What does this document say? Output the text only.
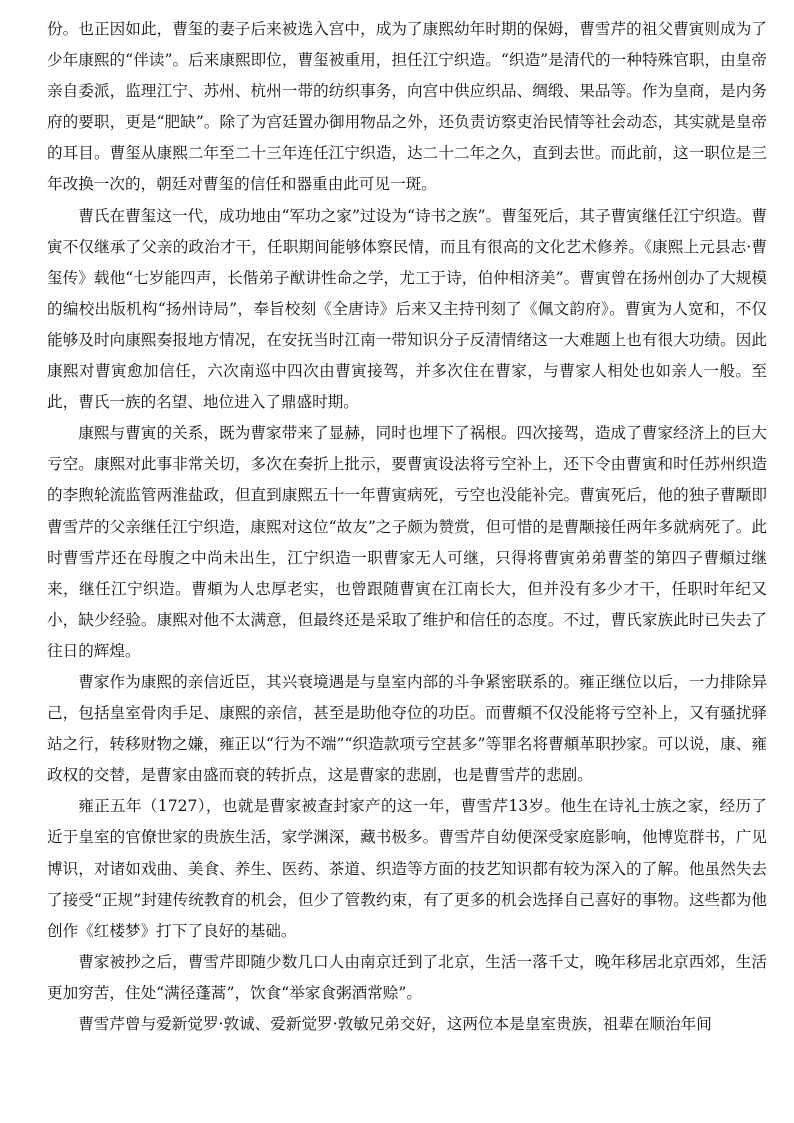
份。也正因如此，曹玺的妻子后来被选入宫中，成为了康熙幼年时期的保姆，曹雪芹的祖父曹寅则成为了少年康熙的“伴读”。后来康熙即位，曹玺被重用，担任江宁织造。“织造”是清代的一种特殊官职，由皇帝亲自委派，监理江宁、苏州、杭州一带的纺织事务，向宫中供应织品、绸缎、果品等。作为皇商，是内务府的要职，更是“肥缺”。除了为宫廷置办御用物品之外，还负责访察吏治民情等社会动态，其实就是皇帝的耳目。曹玺从康熙二年至二十三年连任江宁织造，达二十二年之久，直到去世。而此前，这一职位是三年改换一次的，朝廷对曹玺的信任和器重由此可见一斑。

曹氏在曹玺这一代，成功地由“军功之家”过设为“诗书之族”。曹玺死后，其子曹寅继任江宁织造。曹寅不仅继承了父亲的政治才干，任职期间能够体察民情，而且有很高的文化艺术修养。《康熙上元县志·曹玺传》载他“七岁能四声，长偕弟子猷讲性命之学，尤工于诗，伯仲相济美”。曹寅曾在扬州创办了大规模的编校出版机构“扬州诗局”，奉旨校刻《全唐诗》后来又主持刊刻了《佩文韵府》。曹寅为人宽和，不仅能够及时向康熙奏报地方情况，在安抚当时江南一带知识分子反清情绪这一大难题上也有很大功绩。因此康熙对曹寅愈加信任，六次南巡中四次由曹寅接驾，并多次住在曹家，与曹家人相处也如亲人一般。至此，曹氏一族的名望、地位进入了鼎盛时期。

康熙与曹寅的关系，既为曹家带来了显赫，同时也埋下了祸根。四次接驾，造成了曹家经济上的巨大亏空。康熙对此事非常关切，多次在奏折上批示，要曹寅设法将亏空补上，还下令由曹寅和时任苏州织造的李煦轮流监管两淮盐政，但直到康熙五十一年曹寅病死，亏空也没能补完。曹寅死后，他的独子曹颙即曹雪芹的父亲继任江宁织造，康熙对这位“故友”之子颇为赞赏，但可惜的是曹颙接任两年多就病死了。此时曹雪芹还在母腹之中尚未出生，江宁织造一职曹家无人可继，只得将曹寅弟弟曹荃的第四子曹頫过继来，继任江宁织造。曹頫为人忠厚老实，也曾跟随曹寅在江南长大，但并没有多少才干，任职时年纪又小，缺少经验。康熙对他不太满意，但最终还是采取了维护和信任的态度。不过，曹氏家族此时已失去了往日的辉煌。

曹家作为康熙的亲信近臣，其兴衰境遇是与皇室内部的斗争紧密联系的。雍正继位以后，一力排除异己，包括皇室骨肉手足、康熙的亲信，甚至是助他夺位的功臣。而曹頫不仅没能将亏空补上，又有骚扰驿站之行，转移财物之嫌，雍正以“行为不端”“织造款项亏空甚多”等罪名将曹頫革职抄家。可以说，康、雍政权的交替，是曹家由盛而衰的转折点，这是曹家的悲剧，也是曹雪芹的悲剧。

雍正五年（1727），也就是曹家被查封家产的这一年，曹雪芹13岁。他生在诗礼士族之家，经历了近于皇室的官僚世家的贵族生活，家学渊深，藏书极多。曹雪芹自幼便深受家庭影响，他博览群书，广见博识，对诸如戏曲、美食、养生、医药、茶道、织造等方面的技艺知识都有较为深入的了解。他虽然失去了接受“正规”封建传统教育的机会，但少了管教约束，有了更多的机会选择自己喜好的事物。这些都为他创作《红楼梦》打下了良好的基础。

曹家被抄之后，曹雪芹即随少数几口人由南京迁到了北京，生活一落千丈，晚年移居北京西郊，生活更加穷苦，住处“满径蓬蒿”，饮食“举家食粥酒常赊”。

曹雪芹曾与爱新觉罗·敦诚、爱新觉罗·敦敏兄弟交好，这两位本是皇室贵族，祖辈在顺治年间
